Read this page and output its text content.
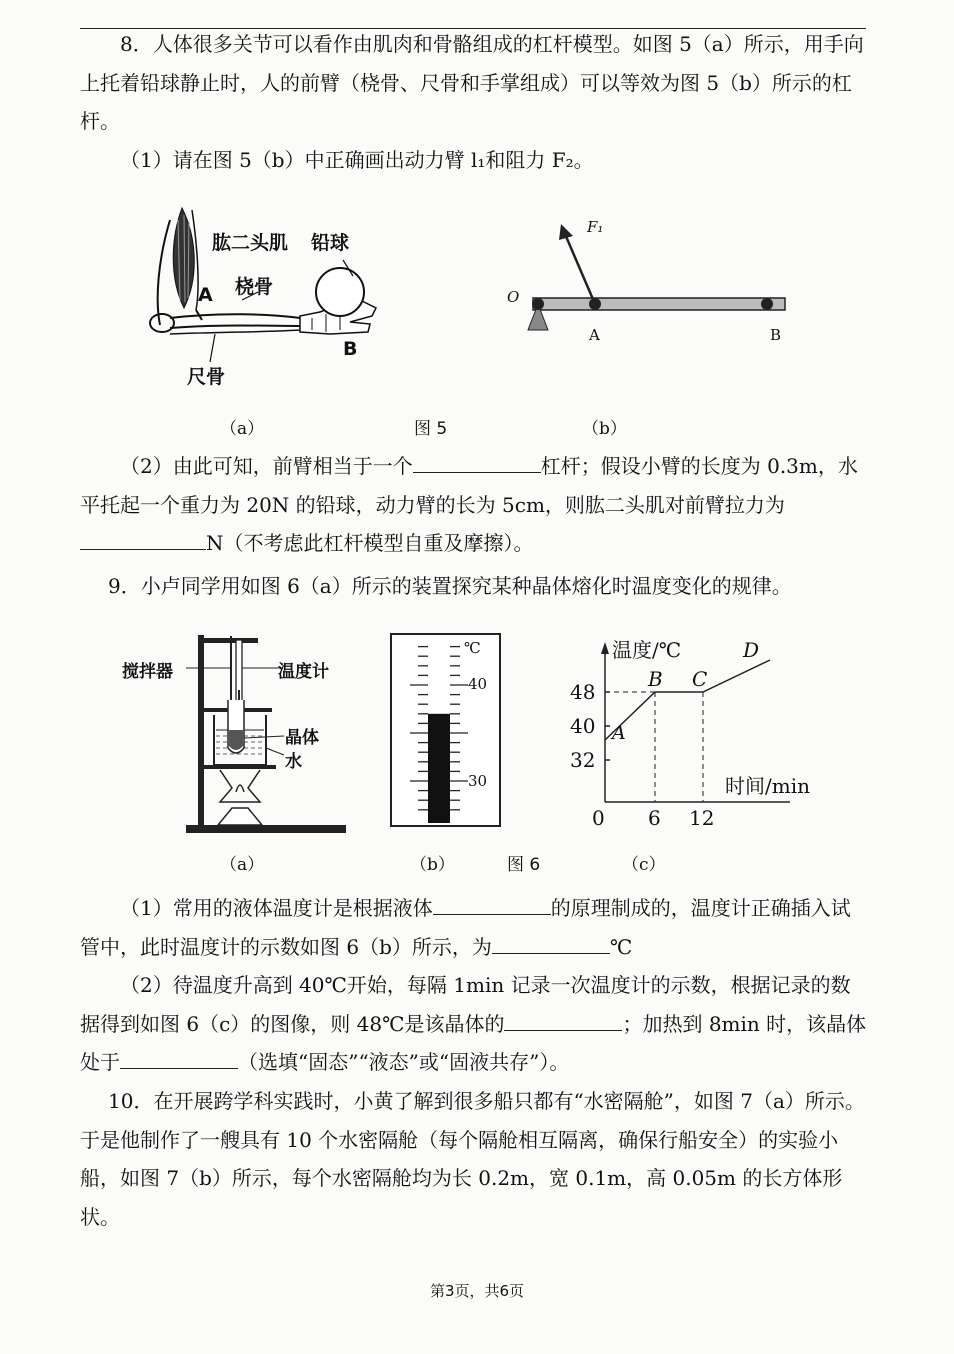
8．人体很多关节可以看作由肌肉和骨骼组成的杠杆模型。如图 5（a）所示，用手向上托着铅球静止时，人的前臂（桡骨、尺骨和手掌组成）可以等效为图 5（b）所示的杠杆。

（1）请在图 5（b）中正确画出动力臂 l₁和阻力 F₂。

肱二头肌 铅球
桡骨
尺骨
A
B
F₁
O
A	B
（a）	图 5	（b）

（2）由此可知，前臂相当于一个	杠杆；假设小臂的长度为 0.3m，水平托起一个重力为 20N 的铅球，动力臂的长为 5cm，则肱二头肌对前臂拉力为N（不考虑此杠杆模型自重及摩擦）。

9．小卢同学用如图 6（a）所示的装置探究某种晶体熔化时温度变化的规律。

搅拌器	温度计
晶体
水
℃
40
30
温度/℃
时间/min
48
40
32
0 6 12
A
B C
D
（a）	（b）	图 6	（c）

（1）常用的液体温度计是根据液体	的原理制成的，温度计正确插入试管中，此时温度计的示数如图 6（b）所示，为	℃

（2）待温度升高到 40℃开始，每隔 1min 记录一次温度计的示数，根据记录的数据得到如图 6（c）的图像，则 48℃是该晶体的	；加热到 8min 时，该晶体处于	（选填“固态”“液态”或“固液共存”）。

10．在开展跨学科实践时，小黄了解到很多船只都有“水密隔舱”，如图 7（a）所示。于是他制作了一艘具有 10 个水密隔舱（每个隔舱相互隔离，确保行船安全）的实验小船，如图 7（b）所示，每个水密隔舱均为长 0.2m，宽 0.1m，高 0.05m 的长方体形状。

第3页，共6页
